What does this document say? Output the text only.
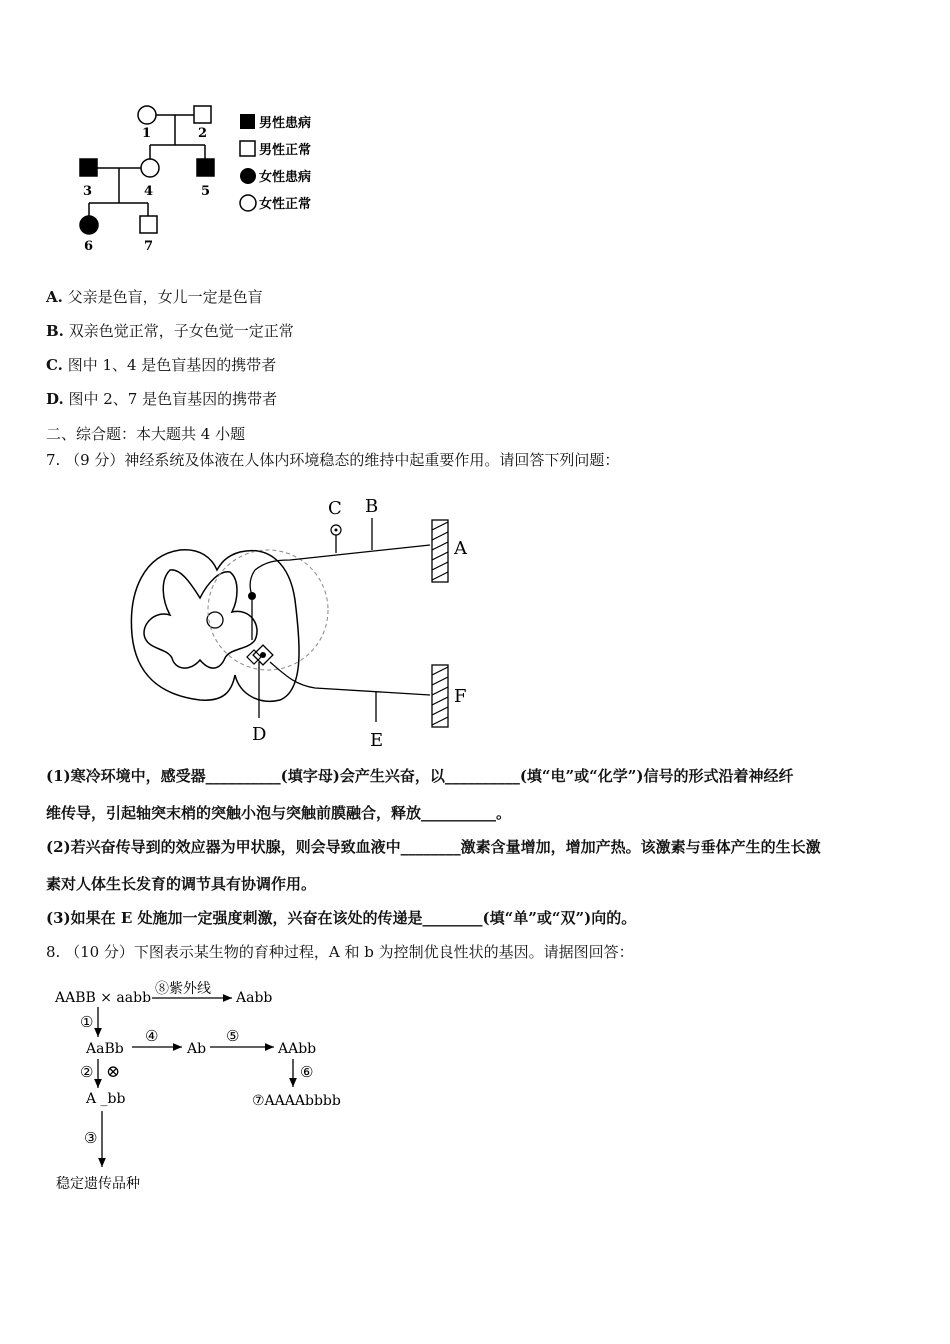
1	2
3	4	5
6	7
男性患病
男性正常
女性患病
女性正常
A. 父亲是色盲，女儿一定是色盲
B. 双亲色觉正常，子女色觉一定正常
C. 图中 1、4 是色盲基因的携带者
D. 图中 2、7 是色盲基因的携带者
二、综合题：本大题共 4 小题
7. （9 分）神经系统及体液在人体内环境稳态的维持中起重要作用。请回答下列问题：
C B
A
D	E
F
(1)寒冷环境中，感受器__________(填字母)会产生兴奋，以__________(填“电”或“化学”)信号的形式沿着神经纤
维传导，引起轴突末梢的突触小泡与突触前膜融合，释放__________。
(2)若兴奋传导到的效应器为甲状腺，则会导致血液中________激素含量增加，增加产热。该激素与垂体产生的生长激
素对人体生长发育的调节具有协调作用。
(3)如果在 E 处施加一定强度刺激，兴奋在该处的传递是________(填“单”或“双”)向的。
8. （10 分）下图表示某生物的育种过程，A 和 b 为控制优良性状的基因。请据图回答：
AABB × aabb
⑧紫外线
Aabb
①
AaBb
④
Ab
⑤
AAbb
② ⊗	⑥
A _bb	⑦AAAAbbbb
③
稳定遗传品种
